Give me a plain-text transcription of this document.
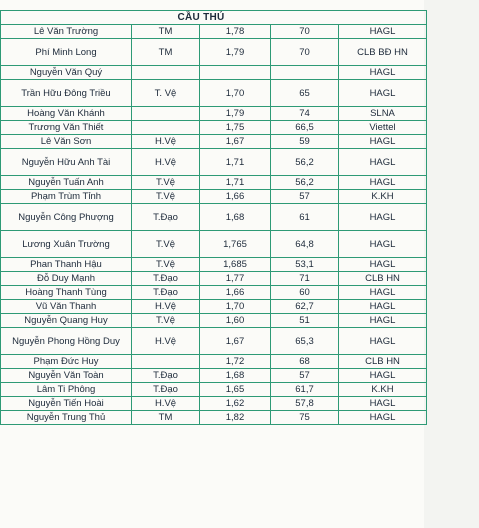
		CẦU THỦ			
	Lê Văn Trường	TM	1,78	70	HAGL
	Phí Minh Long	TM	1,79	70	CLB BĐ HN
	Nguyễn Văn Quý				HAGL
	Trần Hữu Đông Triều	T. Vệ	1,70	65	HAGL
	Hoàng Văn Khánh		1,79	74	SLNA
	Trương Văn Thiết		1,75	66,5	Viettel
	Lê Văn Sơn	H.Vệ	1,67	59	HAGL
	Nguyễn Hữu Anh Tài	H.Vệ	1,71	56,2	HAGL
	Nguyễn Tuấn Anh	T.Vệ	1,71	56,2	HAGL
	Phạm Trùm Tỉnh	T.Vệ	1,66	57	K.KH
	Nguyễn Công Phượng	T.Đạo	1,68	61	HAGL
	Lương Xuân Trường	T.Vệ	1,765	64,8	HAGL
	Phan Thanh Hậu	T.Vệ	1,685	53,1	HAGL
	Đỗ Duy Mạnh	T.Đạo	1,77	71	CLB HN
	Hoàng Thanh Tùng	T.Đạo	1,66	60	HAGL
	Vũ Văn Thanh	H.Vệ	1,70	62,7	HAGL
	Nguyễn Quang Huy	T.Vệ	1,60	51	HAGL
	Nguyễn Phong Hồng Duy	H.Vệ	1,67	65,3	HAGL
	Phạm Đức Huy		1,72	68	CLB HN
	Nguyễn Văn Toàn	T.Đạo	1,68	57	HAGL
	Lâm Ti Phông	T.Đạo	1,65	61,7	K.KH
	Nguyễn Tiến Hoài	H.Vệ	1,62	57,8	HAGL
	Nguyễn Trung Thủ	TM	1,82	75	HAGL
